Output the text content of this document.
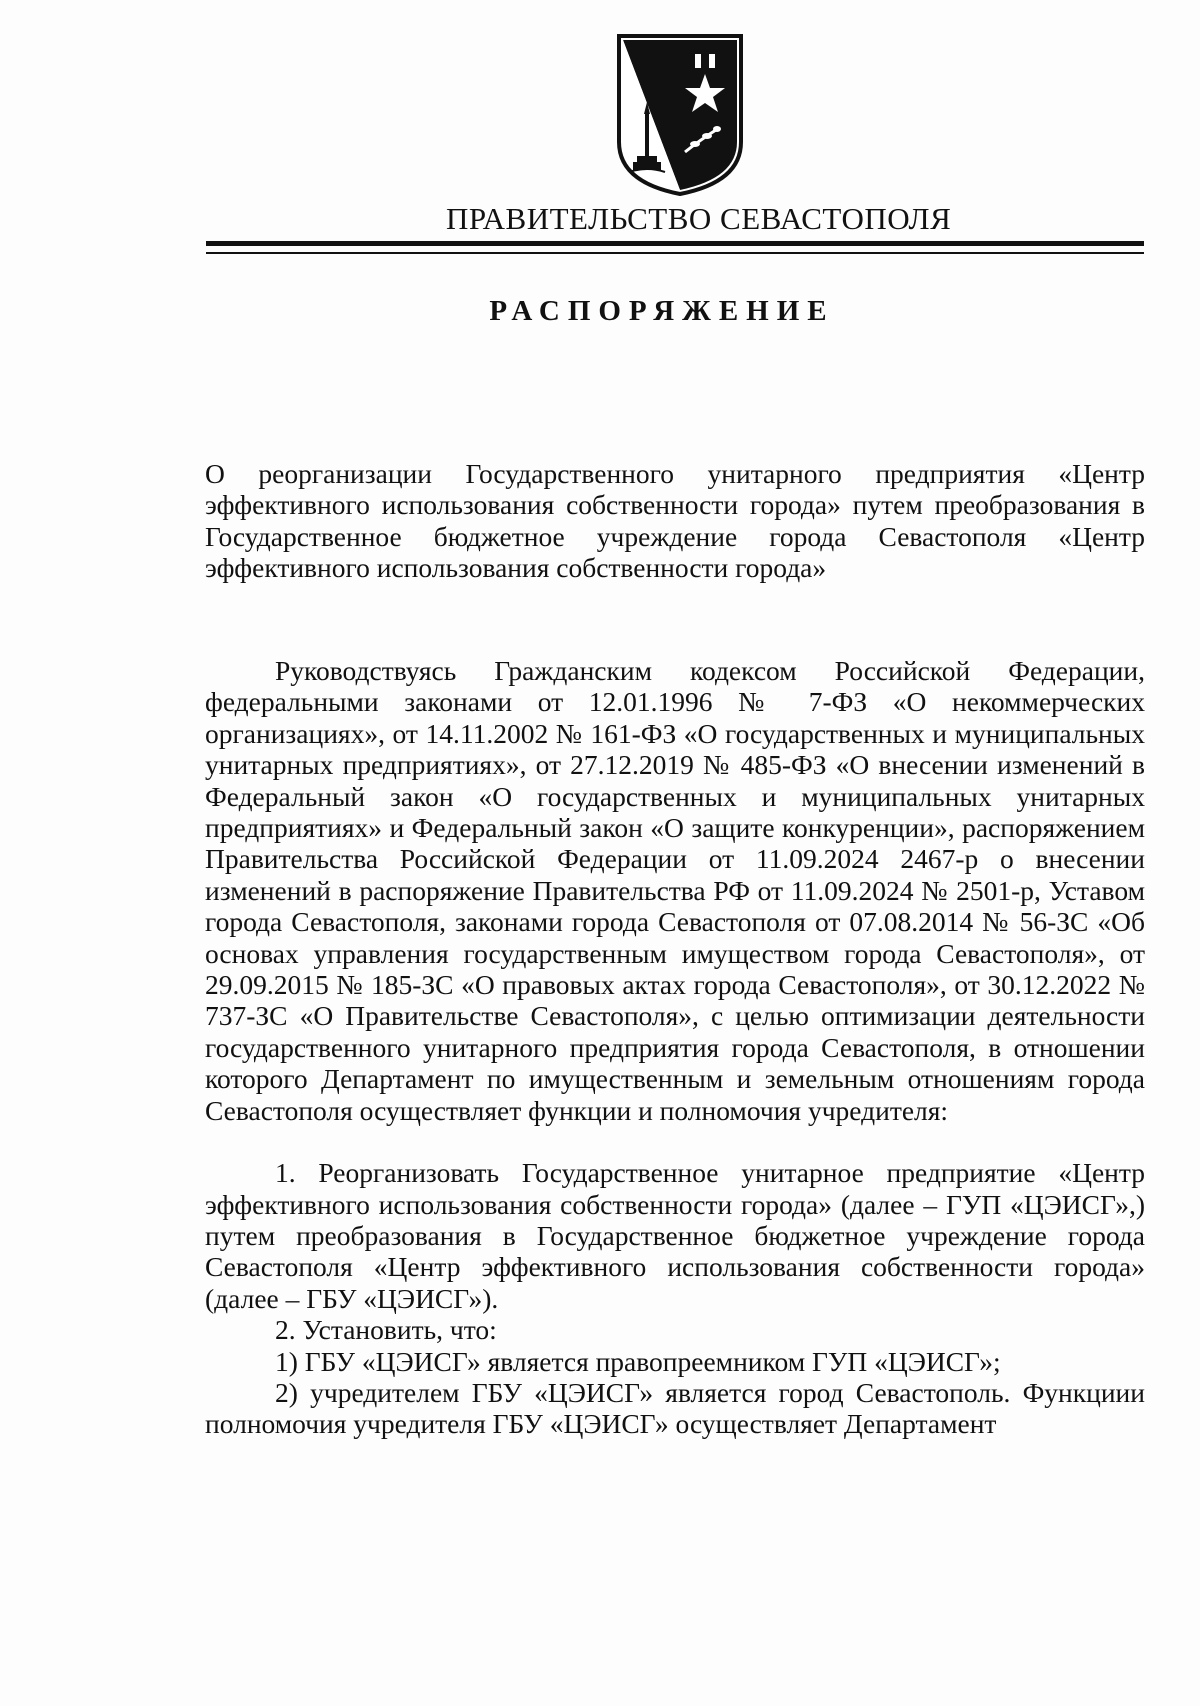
ПРАВИТЕЛЬСТВО СЕВАСТОПОЛЯ
РАСПОРЯЖЕНИЕ

О реорганизации Государственного унитарного предприятия «Центр эффективного использования собственности города» путем преобразования в Государственное бюджетное учреждение города Севастополя «Центр эффективного использования собственности города»

Руководствуясь Гражданским кодексом Российской Федерации, федеральными законами от 12.01.1996 № 7-ФЗ «О некоммерческих организациях», от 14.11.2002 № 161-ФЗ «О государственных и муниципальных унитарных предприятиях», от 27.12.2019 № 485-ФЗ «О внесении изменений в Федеральный закон «О государственных и муниципальных унитарных предприятиях» и Федеральный закон «О защите конкуренции», распоряжением Правительства Российской Федерации от 11.09.2024 2467-р о внесении изменений в распоряжение Правительства РФ от 11.09.2024 № 2501-р, Уставом города Севастополя, законами города Севастополя от 07.08.2014 № 56-ЗС «Об основах управления государственным имуществом города Севастополя», от 29.09.2015 № 185-ЗС «О правовых актах города Севастополя», от 30.12.2022 № 737-ЗС «О Правительстве Севастополя», с целью оптимизации деятельности государственного унитарного предприятия города Севастополя, в отношении которого Департамент по имущественным и земельным отношениям города Севастополя осуществляет функции и полномочия учредителя:

1. Реорганизовать Государственное унитарное предприятие «Центр эффективного использования собственности города» (далее – ГУП «ЦЭИСГ»,) путем преобразования в Государственное бюджетное учреждение города Севастополя «Центр эффективного использования собственности города» (далее – ГБУ «ЦЭИСГ»).

2. Установить, что:

1) ГБУ «ЦЭИСГ» является правопреемником ГУП «ЦЭИСГ»;

2) учредителем ГБУ «ЦЭИСГ» является город Севастополь. Функциии полномочия учредителя ГБУ «ЦЭИСГ» осуществляет Департамент
